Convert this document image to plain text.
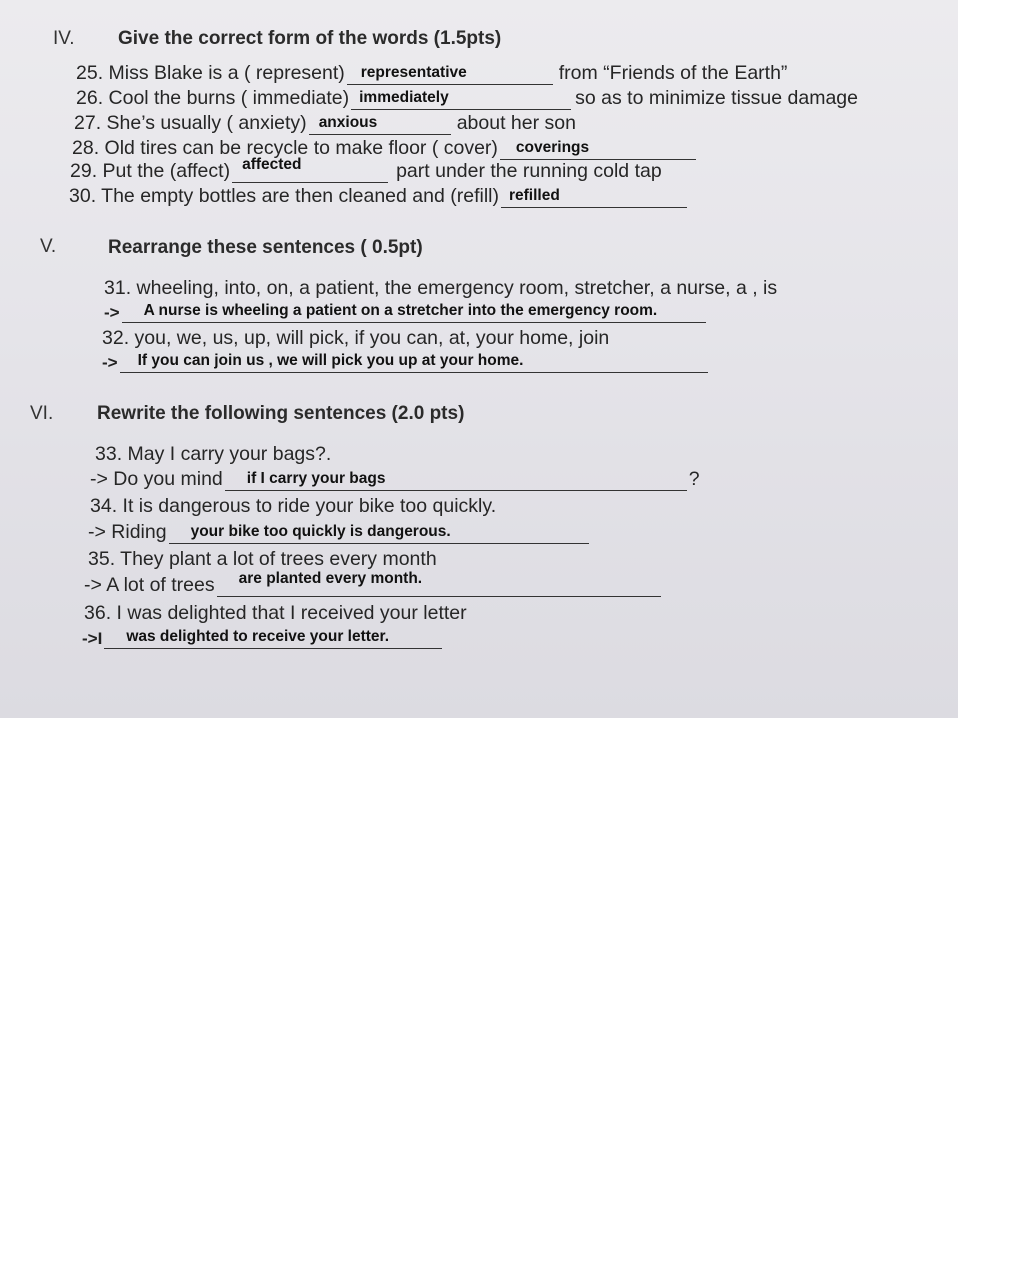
IV. Give the correct form of the words (1.5pts)
25. Miss Blake is a ( represent)	representative	from “Friends of the Earth”
26. Cool the burns ( immediate) immediately	so as to minimize tissue damage
27. She’s usually ( anxiety) anxious	about her son
28. Old tires can be recycle to make floor ( cover)	coverings
29. Put the (affect) affected	part under the running cold tap
30. The empty bottles are then cleaned and (refill) refilled
V.	Rearrange these sentences ( 0.5pt)
31. wheeling, into, on, a patient, the emergency room, stretcher, a nurse, a , is
->	A nurse is wheeling a patient on a stretcher into the emergency room.
32. you, we, us, up, will pick, if you can, at, your home, join
->	If you can join us , we will pick you up at your home.
VI. Rewrite the following sentences (2.0 pts)
33. May I carry your bags?.
-> Do you mind	if I carry your bags	?
34. It is dangerous to ride your bike too quickly.
-> Riding	your bike too quickly is dangerous.
35. They plant a lot of trees every month
-> A lot of trees	are planted every month.
36. I was delighted that I received your letter
->I	was delighted to receive your letter.
